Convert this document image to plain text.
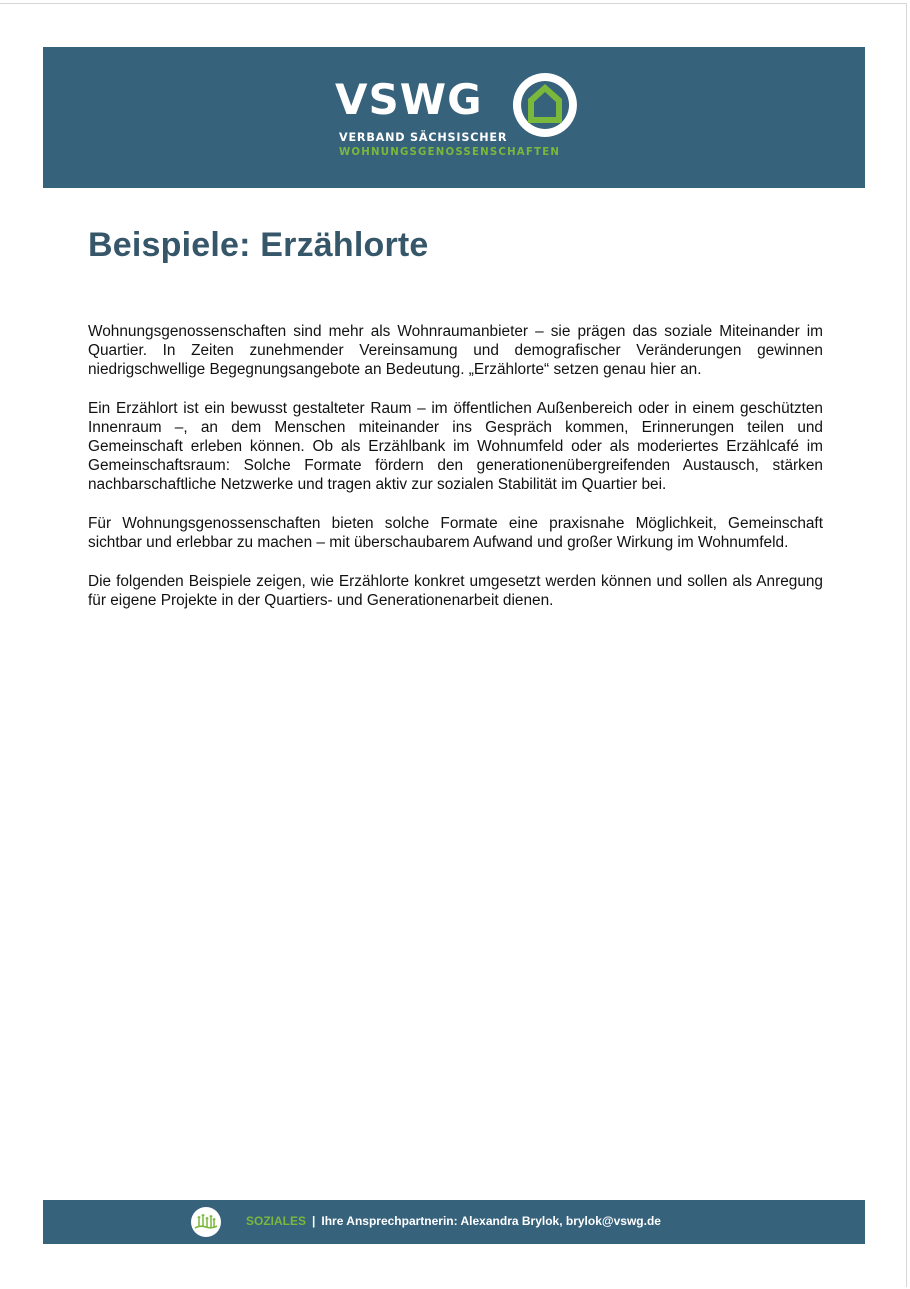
VSWG
VERBAND SÄCHSISCHER
WOHNUNGSGENOSSENSCHAFTEN
Beispiele: Erzählorte

Wohnungsgenossenschaften sind mehr als Wohnraumanbieter – sie prägen das soziale Miteinander im Quartier. In Zeiten zunehmender Vereinsamung und demografischer Veränderungen gewinnen niedrigschwellige Begegnungsangebote an Bedeutung. „Erzählorte“ setzen genau hier an.

Ein Erzählort ist ein bewusst gestalteter Raum – im öffentlichen Außenbereich oder in einem geschützten Innenraum –, an dem Menschen miteinander ins Gespräch kommen, Erinnerungen teilen und Gemeinschaft erleben können. Ob als Erzählbank im Wohnumfeld oder als moderiertes Erzählcafé im Gemeinschaftsraum: Solche Formate fördern den generationenübergreifenden Austausch, stärken nachbarschaftliche Netzwerke und tragen aktiv zur sozialen Stabilität im Quartier bei.

Für Wohnungsgenossenschaften bieten solche Formate eine praxisnahe Möglichkeit, Gemeinschaft sichtbar und erlebbar zu machen – mit überschaubarem Aufwand und großer Wirkung im Wohnumfeld.

Die folgenden Beispiele zeigen, wie Erzählorte konkret umgesetzt werden können und sollen als Anregung für eigene Projekte in der Quartiers- und Generationenarbeit dienen.

SOZIALES | Ihre Ansprechpartnerin: Alexandra Brylok, brylok@vswg.de
